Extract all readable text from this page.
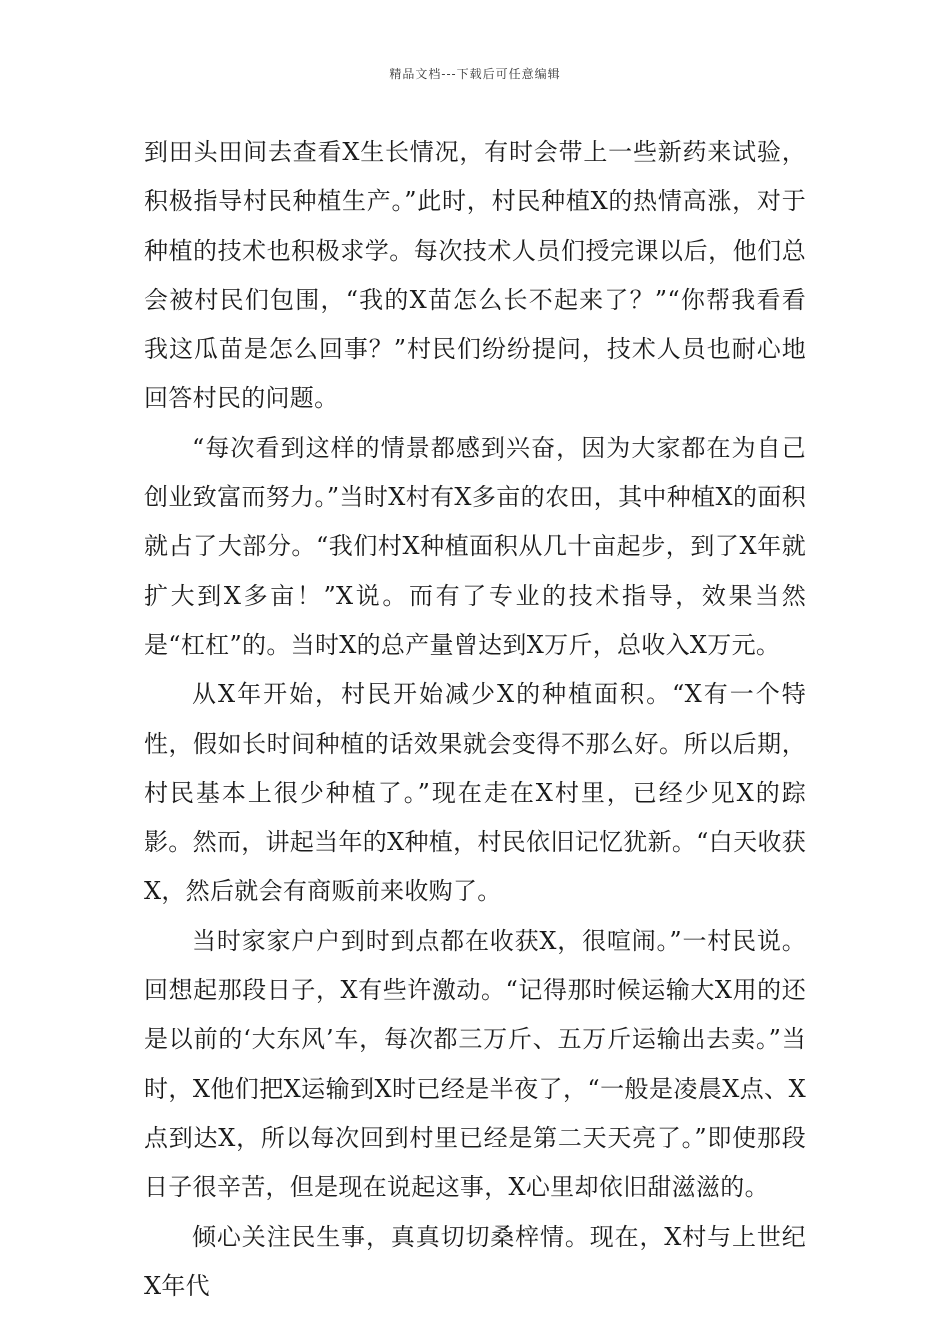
精品文档---下载后可任意编辑

到田头田间去查看X生长情况，有时会带上一些新药来试验，积极指导村民种植生产。”此时，村民种植X的热情高涨，对于种植的技术也积极求学。每次技术人员们授完课以后，他们总会被村民们包围，“我的X苗怎么长不起来了？”“你帮我看看我这瓜苗是怎么回事？”村民们纷纷提问，技术人员也耐心地回答村民的问题。

“每次看到这样的情景都感到兴奋，因为大家都在为自己创业致富而努力。”当时X村有X多亩的农田，其中种植X的面积就占了大部分。“我们村X种植面积从几十亩起步，到了X年就扩大到X多亩！”X说。而有了专业的技术指导，效果当然是“杠杠”的。当时X的总产量曾达到X万斤，总收入X万元。

从X年开始，村民开始减少X的种植面积。“X有一个特性，假如长时间种植的话效果就会变得不那么好。所以后期，村民基本上很少种植了。”现在走在X村里，已经少见X的踪影。然而，讲起当年的X种植，村民依旧记忆犹新。“白天收获X，然后就会有商贩前来收购了。

当时家家户户到时到点都在收获X，很喧闹。”一村民说。回想起那段日子，X有些许激动。“记得那时候运输大X用的还是以前的‘大东风’车，每次都三万斤、五万斤运输出去卖。”当时，X他们把X运输到X时已经是半夜了，“一般是凌晨X点、X点到达X，所以每次回到村里已经是第二天天亮了。”即使那段日子很辛苦，但是现在说起这事，X心里却依旧甜滋滋的。

倾心关注民生事，真真切切桑梓情。现在，X村与上世纪X年代
